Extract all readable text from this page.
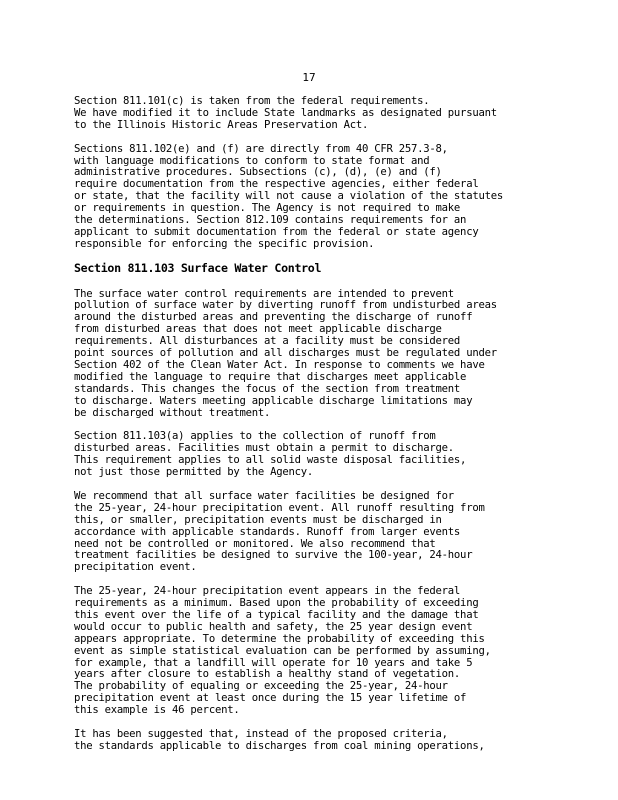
17
Section 811.101(c) is taken from the federal requirements.
We have modified it to include State landmarks as designated pursuant
to the Illinois Historic Areas Preservation Act.
Sections 811.102(e) and (f) are directly from 40 CFR 257.3-8,
with language modifications to conform to state format and
administrative procedures. Subsections (c), (d), (e) and (f)
require documentation from the respective agencies, either federal
or state, that the facility will not cause a violation of the statutes
or requirements in question. The Agency is not required to make
the determinations. Section 812.109 contains requirements for an
applicant to submit documentation from the federal or state agency
responsible for enforcing the specific provision.
Section 811.103 Surface Water Control
The surface water control requirements are intended to prevent
pollution of surface water by diverting runoff from undisturbed areas
around the disturbed areas and preventing the discharge of runoff
from disturbed areas that does not meet applicable discharge
requirements. All disturbances at a facility must be considered
point sources of pollution and all discharges must be regulated under
Section 402 of the Clean Water Act. In response to comments we have
modified the language to require that discharges meet applicable
standards. This changes the focus of the section from treatment
to discharge. Waters meeting applicable discharge limitations may
be discharged without treatment.
Section 811.103(a) applies to the collection of runoff from
disturbed areas. Facilities must obtain a permit to discharge.
This requirement applies to all solid waste disposal facilities,
not just those permitted by the Agency.
We recommend that all surface water facilities be designed for
the 25-year, 24-hour precipitation event. All runoff resulting from
this, or smaller, precipitation events must be discharged in
accordance with applicable standards. Runoff from larger events
need not be controlled or monitored. We also recommend that
treatment facilities be designed to survive the 100-year, 24-hour
precipitation event.
The 25-year, 24-hour precipitation event appears in the federal
requirements as a minimum. Based upon the probability of exceeding
this event over the life of a typical facility and the damage that
would occur to public health and safety, the 25 year design event
appears appropriate. To determine the probability of exceeding this
event as simple statistical evaluation can be performed by assuming,
for example, that a landfill will operate for 10 years and take 5
years after closure to establish a healthy stand of vegetation.
The probability of equaling or exceeding the 25-year, 24-hour
precipitation event at least once during the 15 year lifetime of
this example is 46 percent.
It has been suggested that, instead of the proposed criteria,
the standards applicable to discharges from coal mining operations,
